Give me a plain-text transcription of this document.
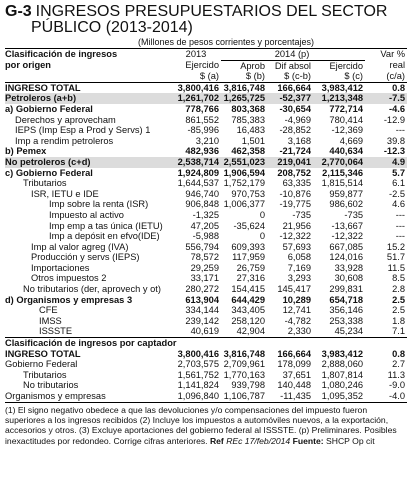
G-3 INGRESOS PRESUPUESTARIOS DEL SECTOR
PÚBLICO (2013-2014)
(Millones de pesos corrientes y porcentajes)
Clasificación de ingresos	2013	2014 (p)			Var %
por origen	Ejercido	Aprob	Dif absol	Ejercido	real
	$ (a)	$ (b)	$ (c-b)	$ (c)	(c/a)
INGRESO TOTAL	3,800,416	3,816,748	166,664	3,983,412	0.8
Petroleros (a+b)	1,261,702	1,265,725	-52,377	1,213,348	-7.5
a) Gobierno Federal	778,766	803,368	-30,654	772,714	-4.6
Derechos y aprovecham	861,552	785,383	-4,969	780,414	-12.9
IEPS (Imp Esp a Prod y Servs) 1	-85,996	16,483	-28,852	-12,369	---
Imp a rendim petroleros	3,210	1,501	3,168	4,669	39.8
b) Pemex	482,936	462,358	-21,724	440,634	-12.3
No petroleros (c+d)	2,538,714	2,551,023	219,041	2,770,064	4.9
c) Gobierno Federal	1,924,809	1,906,594	208,752	2,115,346	5.7
Tributarios	1,644,537	1,752,179	63,335	1,815,514	6.1
ISR, IETU e IDE	946,740	970,753	-10,876	959,877	-2.5
Imp sobre la renta (ISR)	906,848	1,006,377	-19,775	986,602	4.6
Impuesto al activo	-1,325	0	-735	-735	---
Imp emp a tas única (IETU)	47,205	-35,624	21,956	-13,667	---
Imp a depósit en efvo(IDE)	-5,988	0	-12,322	-12,322	---
Imp al valor agreg (IVA)	556,794	609,393	57,693	667,085	15.2
Producción y servs (IEPS)	78,572	117,959	6,058	124,016	51.7
Importaciones	29,259	26,759	7,169	33,928	11.5
Otros impuestos 2	33,171	27,316	3,293	30,608	8.5
No tributarios (der, aprovech y ot)	280,272	154,415	145,417	299,831	2.8
d) Organismos y empresas 3	613,904	644,429	10,289	654,718	2.5
CFE	334,144	343,405	12,741	356,146	2.5
IMSS	239,142	258,120	-4,782	253,338	1.8
ISSSTE	40,619	42,904	2,330	45,234	7.1
Clasificación de ingresos por captador					
INGRESO TOTAL	3,800,416	3,816,748	166,664	3,983,412	0.8
Gobierno Federal	2,703,575	2,709,961	178,099	2,888,060	2.7
Tributarios	1,561,752	1,770,163	37,651	1,807,814	11.3
No tributarios	1,141,824	939,798	140,448	1,080,246	-9.0
Organismos y empresas	1,096,840	1,106,787	-11,435	1,095,352	-4.0
(1) El signo negativo obedece a que las devoluciones y/o compensaciones del impuesto fueron superiores a los ingresos recibidos (2) Incluye los impuestos a automóviles nuevos, a la exportación, accesorios y otros. (3) Excluye aportaciones del gobierno federal al ISSSTE. (p) Preliminares. Posibles inexactitudes por redondeo. Corrige cifras anteriores. Ref REc 17/feb/2014 Fuente: SHCP Op cit
